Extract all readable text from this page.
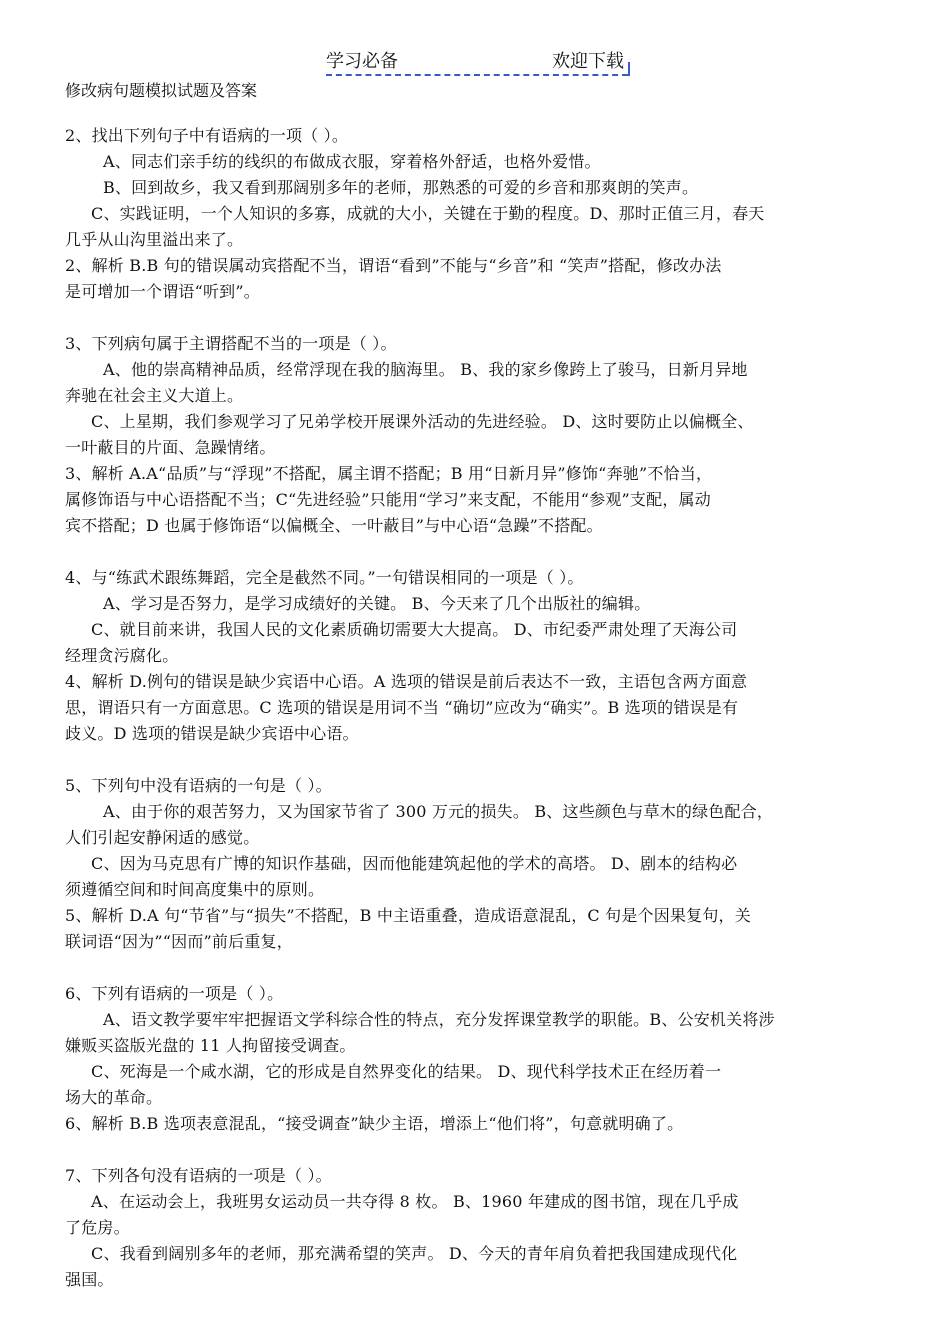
学习必备	欢迎下载
修改病句题模拟试题及答案
2、找出下列句子中有语病的一项（ ）。
A、同志们亲手纺的线织的布做成衣服，穿着格外舒适，也格外爱惜。
B、回到故乡，我又看到那阔别多年的老师，那熟悉的可爱的乡音和那爽朗的笑声。
C、实践证明，一个人知识的多寡，成就的大小，关键在于勤的程度。D、那时正值三月，春天
几乎从山沟里溢出来了。
2、解析 B.B 句的错误属动宾搭配不当，谓语“看到”不能与“乡音”和 “笑声”搭配，修改办法
是可增加一个谓语“听到”。
3、下列病句属于主谓搭配不当的一项是（ ）。
A、他的崇高精神品质，经常浮现在我的脑海里。 B、我的家乡像跨上了骏马，日新月异地
奔驰在社会主义大道上。
C、上星期，我们参观学习了兄弟学校开展课外活动的先进经验。 D、这时要防止以偏概全、
一叶蔽目的片面、急躁情绪。
3、解析 A.A“品质”与“浮现”不搭配，属主谓不搭配；B 用“日新月异”修饰“奔驰”不恰当，
属修饰语与中心语搭配不当；C“先进经验”只能用“学习”来支配，不能用“参观”支配，属动
宾不搭配；D 也属于修饰语“以偏概全、一叶蔽目”与中心语“急躁”不搭配。
4、与“练武术跟练舞蹈，完全是截然不同。”一句错误相同的一项是（ ）。
A、学习是否努力，是学习成绩好的关键。 B、今天来了几个出版社的编辑。
C、就目前来讲，我国人民的文化素质确切需要大大提高。 D、市纪委严肃处理了天海公司
经理贪污腐化。
4、解析 D.例句的错误是缺少宾语中心语。A 选项的错误是前后表达不一致，主语包含两方面意
思，谓语只有一方面意思。C 选项的错误是用词不当 “确切”应改为“确实”。B 选项的错误是有
歧义。D 选项的错误是缺少宾语中心语。
5、下列句中没有语病的一句是（ ）。
A、由于你的艰苦努力，又为国家节省了 300 万元的损失。 B、这些颜色与草木的绿色配合，
人们引起安静闲适的感觉。
C、因为马克思有广博的知识作基础，因而他能建筑起他的学术的高塔。 D、剧本的结构必
须遵循空间和时间高度集中的原则。
5、解析 D.A 句“节省”与“损失”不搭配，B 中主语重叠，造成语意混乱，C 句是个因果复句，关
联词语“因为”“因而”前后重复，
6、下列有语病的一项是（ ）。
A、语文教学要牢牢把握语文学科综合性的特点，充分发挥课堂教学的职能。B、公安机关将涉
嫌贩买盗版光盘的 11 人拘留接受调查。
C、死海是一个咸水湖，它的形成是自然界变化的结果。 D、现代科学技术正在经历着一
场大的革命。
6、解析 B.B 选项表意混乱，“接受调查”缺少主语，增添上“他们将”，句意就明确了。
7、下列各句没有语病的一项是（ ）。
A、在运动会上，我班男女运动员一共夺得 8 枚。 B、1960 年建成的图书馆，现在几乎成
了危房。
C、我看到阔别多年的老师，那充满希望的笑声。 D、今天的青年肩负着把我国建成现代化
强国。
